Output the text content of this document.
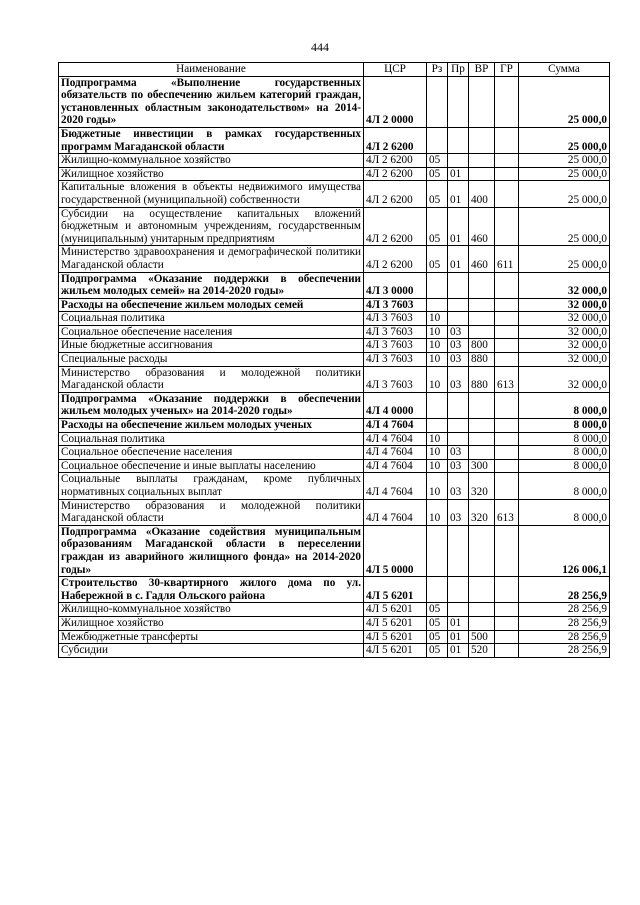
444
Наименование	ЦСР	Рз	Пр	ВР	ГР	Сумма
Подпрограмма «Выполнение государственных обязательств по обеспечению жильем категорий граждан, установленных областным законодательством» на 2014-2020 годы»	4Л 2 0000					25 000,0
Бюджетные инвестиции в рамках государственных программ Магаданской области	4Л 2 6200					25 000,0
Жилищно-коммунальное хозяйство	4Л 2 6200	05				25 000,0
Жилищное хозяйство	4Л 2 6200	05	01			25 000,0
Капитальные вложения в объекты недвижимого имущества государственной (муниципальной) собственности	4Л 2 6200	05	01	400		25 000,0
Субсидии на осуществление капитальных вложений бюджетным и автономным учреждениям, государственным (муниципальным) унитарным предприятиям	4Л 2 6200	05	01	460		25 000,0
Министерство здравоохранения и демографической политики Магаданской области	4Л 2 6200	05	01	460	611	25 000,0
Подпрограмма «Оказание поддержки в обеспечении жильем молодых семей» на 2014-2020 годы»	4Л 3 0000					32 000,0
Расходы на обеспечение жильем молодых семей	4Л 3 7603					32 000,0
Социальная политика	4Л 3 7603	10				32 000,0
Социальное обеспечение населения	4Л 3 7603	10	03			32 000,0
Иные бюджетные ассигнования	4Л 3 7603	10	03	800		32 000,0
Специальные расходы	4Л 3 7603	10	03	880		32 000,0
Министерство образования и молодежной политики Магаданской области	4Л 3 7603	10	03	880	613	32 000,0
Подпрограмма «Оказание поддержки в обеспечении жильем молодых ученых» на 2014-2020 годы»	4Л 4 0000					8 000,0
Расходы на обеспечение жильем молодых ученых	4Л 4 7604					8 000,0
Социальная политика	4Л 4 7604	10				8 000,0
Социальное обеспечение населения	4Л 4 7604	10	03			8 000,0
Социальное обеспечение и иные выплаты населению	4Л 4 7604	10	03	300		8 000,0
Социальные выплаты гражданам, кроме публичных нормативных социальных выплат	4Л 4 7604	10	03	320		8 000,0
Министерство образования и молодежной политики Магаданской области	4Л 4 7604	10	03	320	613	8 000,0
Подпрограмма «Оказание содействия муниципальным образованиям Магаданской области в переселении граждан из аварийного жилищного фонда» на 2014-2020 годы»	4Л 5 0000					126 006,1
Строительство 30-квартирного жилого дома по ул. Набережной в с. Гадля Ольского района	4Л 5 6201					28 256,9
Жилищно-коммунальное хозяйство	4Л 5 6201	05				28 256,9
Жилищное хозяйство	4Л 5 6201	05	01			28 256,9
Межбюджетные трансферты	4Л 5 6201	05	01	500		28 256,9
Субсидии	4Л 5 6201	05	01	520		28 256,9
